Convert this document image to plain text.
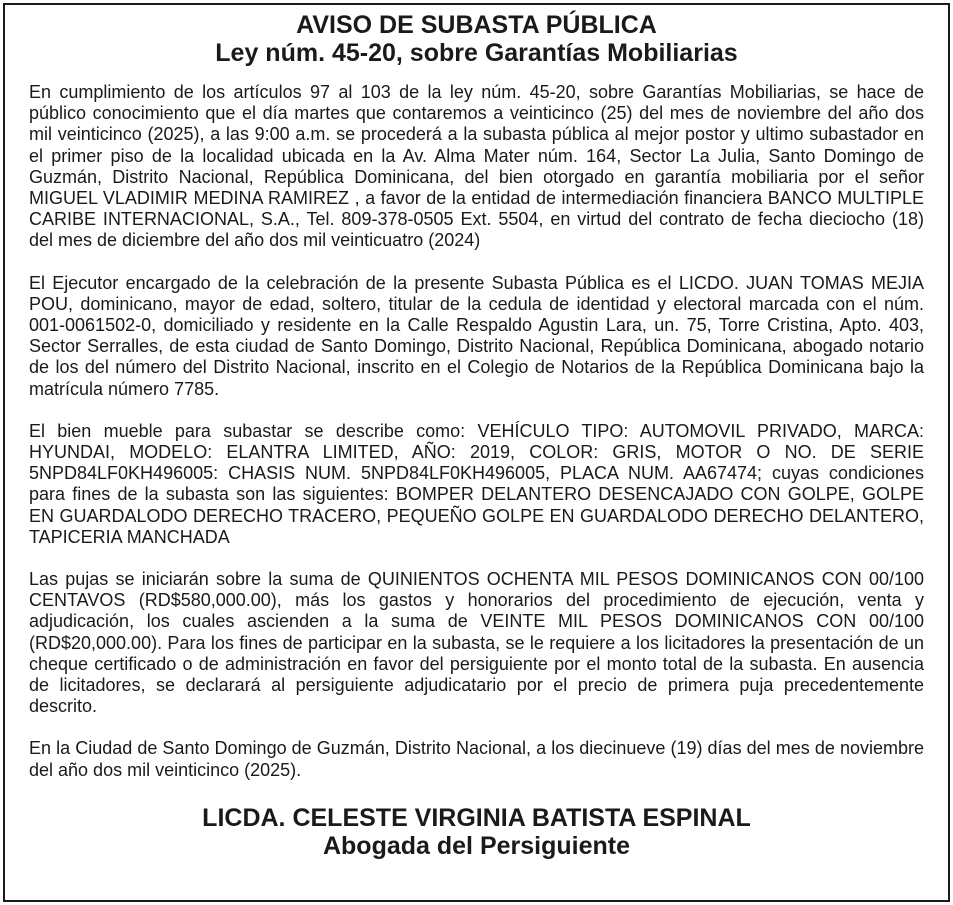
AVISO DE SUBASTA PÚBLICA
Ley núm. 45-20, sobre Garantías Mobiliarias

En cumplimiento de los artículos 97 al 103 de la ley núm. 45-20, sobre Garantías Mobiliarias, se hace de público conocimiento que el día martes que contaremos a veinticinco (25) del mes de noviembre del año dos mil veinticinco (2025), a las 9:00 a.m. se procederá a la subasta pública al mejor postor y ultimo subastador en el primer piso de la localidad ubicada en la Av. Alma Mater núm. 164, Sector La Julia, Santo Domingo de Guzmán, Distrito Nacional, República Dominicana, del bien otorgado en garantía mobiliaria por el señor MIGUEL VLADIMIR MEDINA RAMIREZ , a favor de la entidad de intermediación financiera BANCO MULTIPLE CARIBE INTERNACIONAL, S.A., Tel. 809-378-0505 Ext. 5504, en virtud del contrato de fecha dieciocho (18) del mes de diciembre del año dos mil veinticuatro (2024)

El Ejecutor encargado de la celebración de la presente Subasta Pública es el LICDO. JUAN TOMAS MEJIA POU, dominicano, mayor de edad, soltero, titular de la cedula de identidad y electoral marcada con el núm. 001-0061502-0, domiciliado y residente en la Calle Respaldo Agustin Lara, un. 75, Torre Cristina, Apto. 403, Sector Serralles, de esta ciudad de Santo Domingo, Distrito Nacional, República Dominicana, abogado notario de los del número del Distrito Nacional, inscrito en el Colegio de Notarios de la República Dominicana bajo la matrícula número 7785.

El bien mueble para subastar se describe como: VEHÍCULO TIPO: AUTOMOVIL PRIVADO, MARCA: HYUNDAI, MODELO: ELANTRA LIMITED, AÑO: 2019, COLOR: GRIS, MOTOR O NO. DE SERIE 5NPD84LF0KH496005: CHASIS NUM. 5NPD84LF0KH496005, PLACA NUM. AA67474; cuyas condiciones para fines de la subasta son las siguientes: BOMPER DELANTERO DESENCAJADO CON GOLPE, GOLPE EN GUARDALODO DERECHO TRACERO, PEQUEÑO GOLPE EN GUARDALODO DERECHO DELANTERO, TAPICERIA MANCHADA

Las pujas se iniciarán sobre la suma de QUINIENTOS OCHENTA MIL PESOS DOMINICANOS CON 00/100 CENTAVOS (RD$580,000.00), más los gastos y honorarios del procedimiento de ejecución, venta y adjudicación, los cuales ascienden a la suma de VEINTE MIL PESOS DOMINICANOS CON 00/100 (RD$20,000.00). Para los fines de participar en la subasta, se le requiere a los licitadores la presentación de un cheque certificado o de administración en favor del persiguiente por el monto total de la subasta. En ausencia de licitadores, se declarará al persiguiente adjudicatario por el precio de primera puja precedentemente descrito.

En la Ciudad de Santo Domingo de Guzmán, Distrito Nacional, a los diecinueve (19) días del mes de noviembre del año dos mil veinticinco (2025).

LICDA. CELESTE VIRGINIA BATISTA ESPINAL

Abogada del Persiguiente
